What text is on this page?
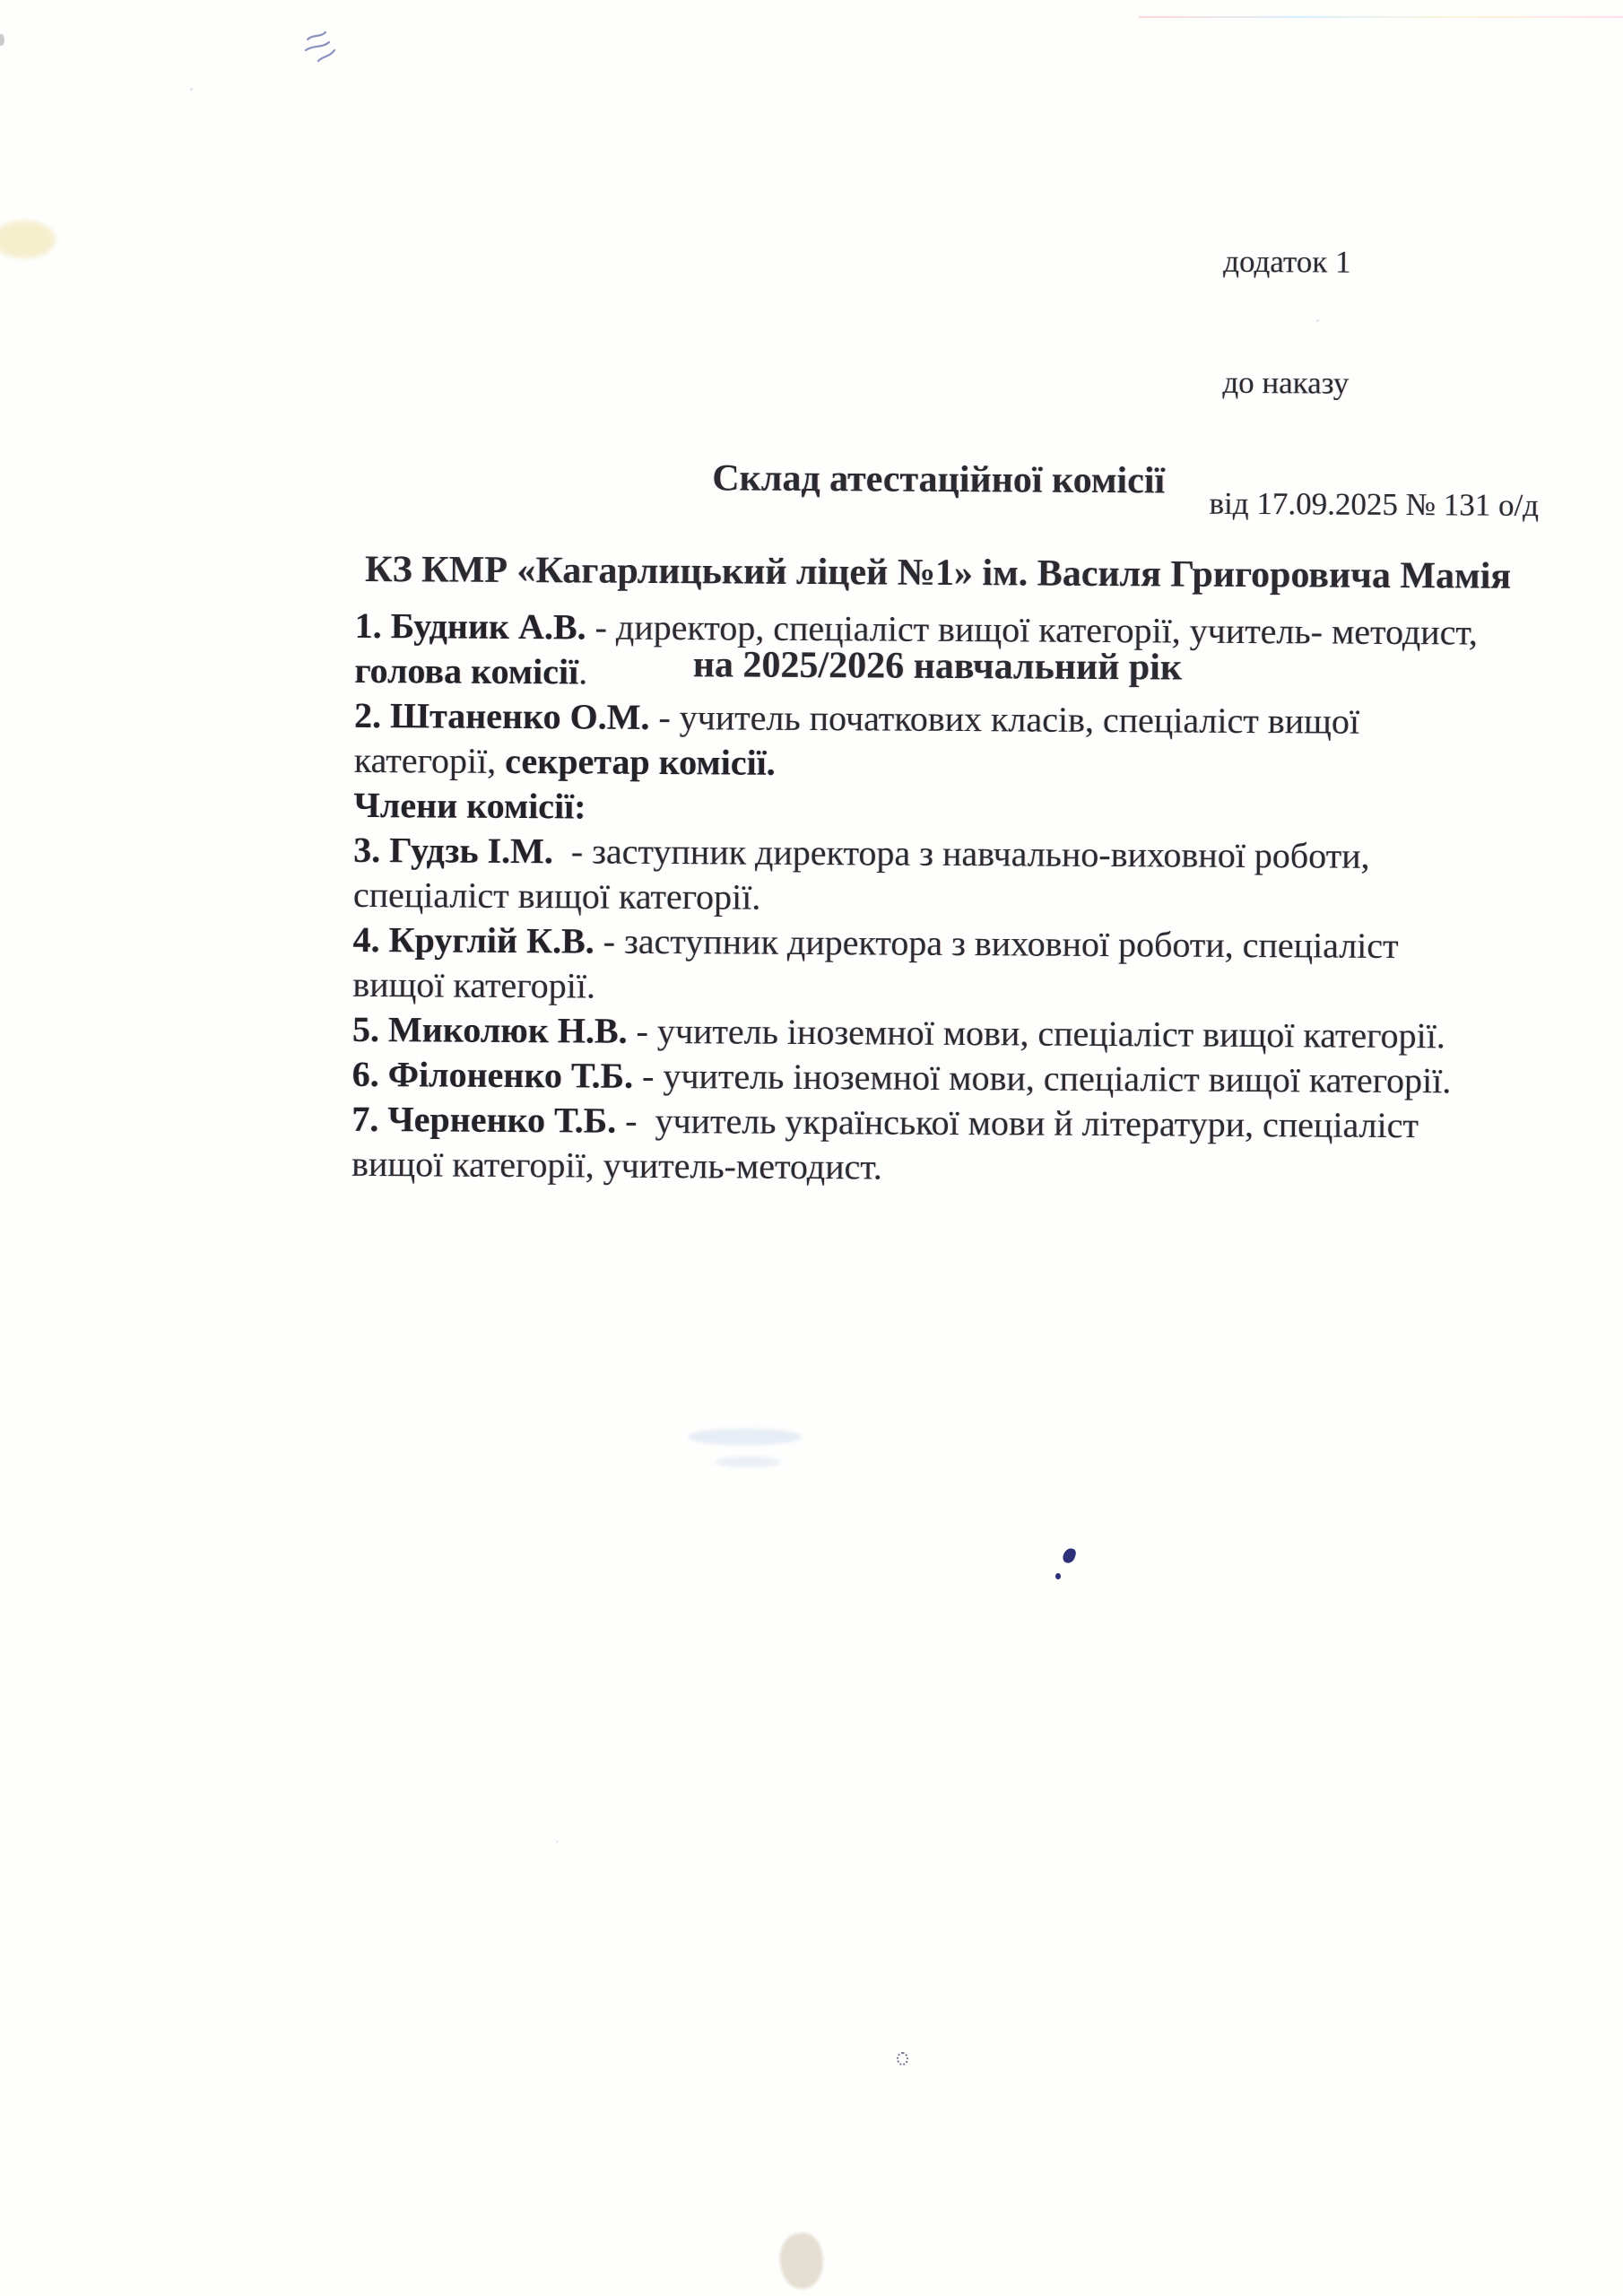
додаток 1

до наказу

від 17.09.2025 № 131 о/д

Склад атестаційної комісії

КЗ КМР «Кагарлицький ліцей №1» ім. Василя Григоровича Мамія

на 2025/2026 навчальний рік

1. Будник А.В. - директор, спеціаліст вищої категорії, учитель- методист,
голова комісії.
2. Штаненко О.М. - учитель початкових класів, спеціаліст вищої
категорії, секретар комісії.
Члени комісії:
3. Гудзь І.М.  - заступник директора з навчально-виховної роботи,
спеціаліст вищої категорії.
4. Круглій К.В. - заступник директора з виховної роботи, спеціаліст
вищої категорії.
5. Миколюк Н.В. - учитель іноземної мови, спеціаліст вищої категорії.
6. Філоненко Т.Б. - учитель іноземної мови, спеціаліст вищої категорії.
7. Черненко Т.Б. -  учитель української мови й літератури, спеціаліст
вищої категорії, учитель-методист.
